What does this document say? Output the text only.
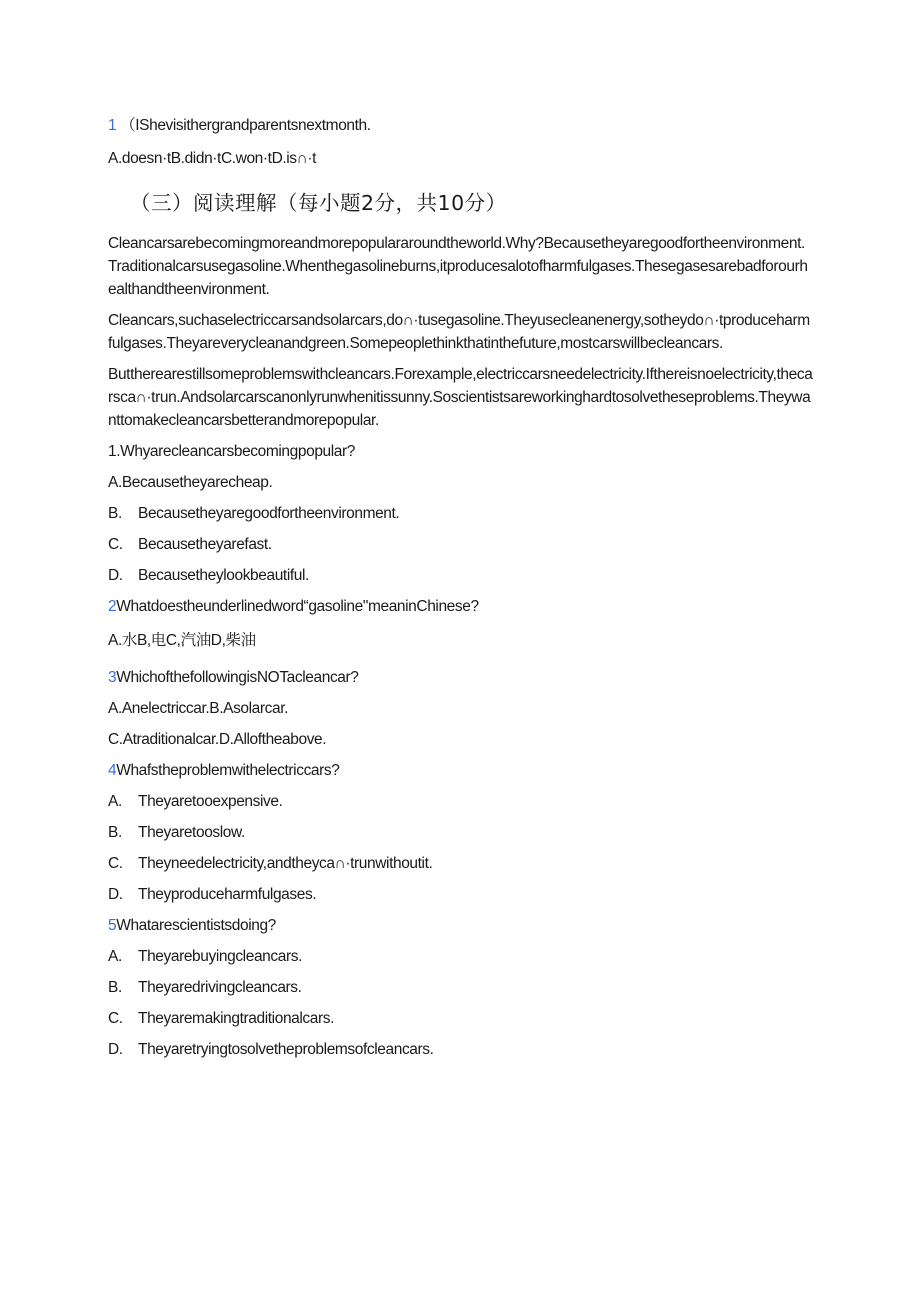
1 （IShevisithergrandparentsnextmonth.
A.doesn·tB.didn·tC.won·tD.is∩·t
（三）阅读理解（每小题2分，共10分）
Cleancarsarebecomingmoreandmorepopulararoundtheworld.Why?Becausetheyaregoodfortheenvironment.Traditionalcarsusegasoline.Whenthegasolineburns,itproducesalotofharmfulgases.Thesegasesarebadforourhealthandtheenvironment.
Cleancars,suchaselectriccarsandsolarcars,do∩·tusegasoline.Theyusecleanenergy,sotheydo∩·tproduceharmfulgases.Theyareverycleanandgreen.Somepeoplethinkthatinthefuture,mostcarswillbecleancars.
Buttherearestillsomeproblemswithcleancars.Forexample,electriccarsneedelectricity.Ifthereisnoelectricity,thecarsca∩·trun.Andsolarcarscanonlyrunwhenitissunny.Soscientistsareworkinghardtosolvetheseproblems.Theywanttomakecleancarsbetterandmorepopular.
1.Whyarecleancarsbecomingpopular?
A.Becausetheyarecheap.
B. Becausetheyaregoodfortheenvironment.
C. Becausetheyarefast.
D. Becausetheylookbeautiful.
2Whatdoestheunderlinedword“gasoline"meaninChinese?
A.水B,电C,汽油D,柴油
3WhichofthefollowingisNOTacleancar?
A.Anelectriccar.B.Asolarcar.
C.Atraditionalcar.D.Alloftheabove.
4Whafstheproblemwithelectriccars?
A. Theyaretooexpensive.
B. Theyaretooslow.
C. Theyneedelectricity,andtheyca∩·trunwithoutit.
D. Theyproduceharmfulgases.
5Whatarescientistsdoing?
A. Theyarebuyingcleancars.
B. Theyaredrivingcleancars.
C. Theyaremakingtraditionalcars.
D. Theyaretryingtosolvetheproblemsofcleancars.
